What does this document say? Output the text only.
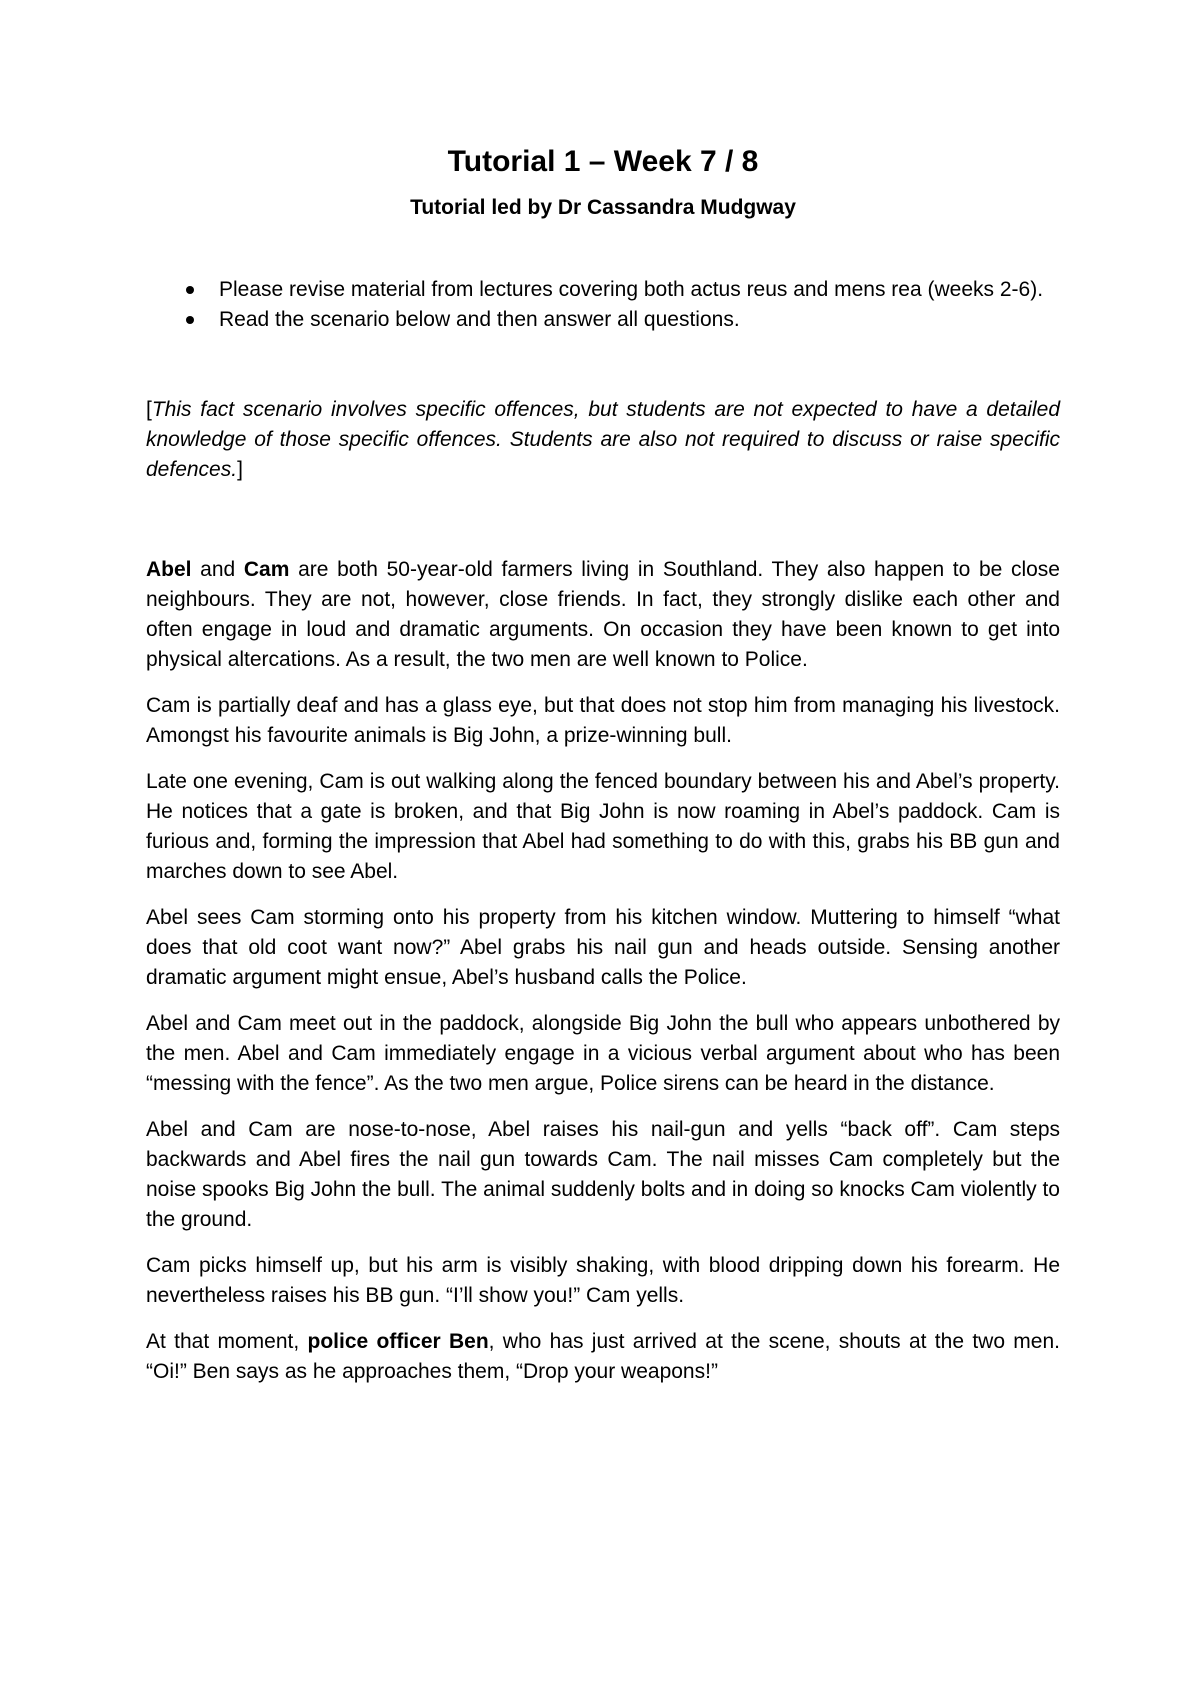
Tutorial 1 – Week 7 / 8
Tutorial led by Dr Cassandra Mudgway
Please revise material from lectures covering both actus reus and mens rea (weeks 2-6).
Read the scenario below and then answer all questions.

[This fact scenario involves specific offences, but students are not expected to have a detailed knowledge of those specific offences. Students are also not required to discuss or raise specific defences.]

Abel and Cam are both 50-year-old farmers living in Southland. They also happen to be close neighbours. They are not, however, close friends. In fact, they strongly dislike each other and often engage in loud and dramatic arguments. On occasion they have been known to get into physical altercations. As a result, the two men are well known to Police.

Cam is partially deaf and has a glass eye, but that does not stop him from managing his livestock. Amongst his favourite animals is Big John, a prize-winning bull.

Late one evening, Cam is out walking along the fenced boundary between his and Abel’s property. He notices that a gate is broken, and that Big John is now roaming in Abel’s paddock. Cam is furious and, forming the impression that Abel had something to do with this, grabs his BB gun and marches down to see Abel.

Abel sees Cam storming onto his property from his kitchen window. Muttering to himself “what does that old coot want now?” Abel grabs his nail gun and heads outside. Sensing another dramatic argument might ensue, Abel’s husband calls the Police.

Abel and Cam meet out in the paddock, alongside Big John the bull who appears unbothered by the men. Abel and Cam immediately engage in a vicious verbal argument about who has been “messing with the fence”. As the two men argue, Police sirens can be heard in the distance.

Abel and Cam are nose-to-nose, Abel raises his nail-gun and yells “back off”. Cam steps backwards and Abel fires the nail gun towards Cam. The nail misses Cam completely but the noise spooks Big John the bull. The animal suddenly bolts and in doing so knocks Cam violently to the ground.

Cam picks himself up, but his arm is visibly shaking, with blood dripping down his forearm. He nevertheless raises his BB gun. “I’ll show you!” Cam yells.

At that moment, police officer Ben, who has just arrived at the scene, shouts at the two men. “Oi!” Ben says as he approaches them, “Drop your weapons!”
